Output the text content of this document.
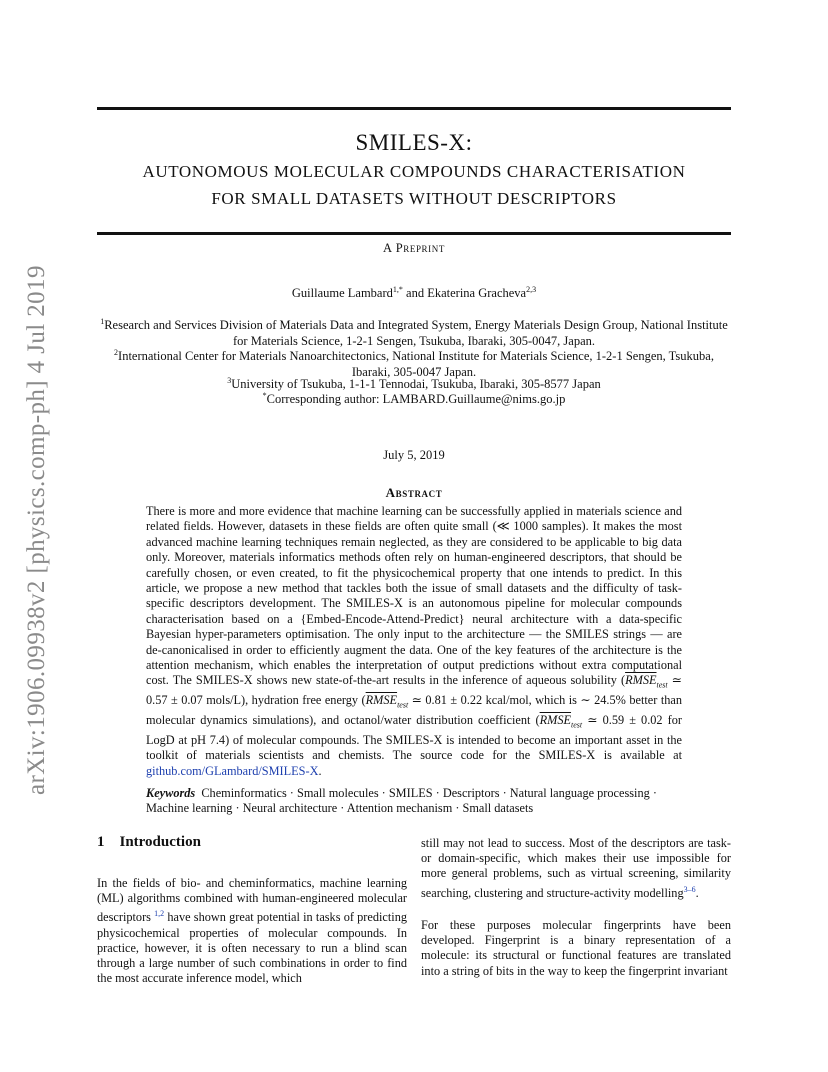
arXiv:1906.09938v2 [physics.comp-ph] 4 Jul 2019
SMILES-X:
AUTONOMOUS MOLECULAR COMPOUNDS CHARACTERISATION
FOR SMALL DATASETS WITHOUT DESCRIPTORS
A Preprint
Guillaume Lambard$^{1,*}$ and Ekaterina Gracheva$^{2,3}$
$^1$Research and Services Division of Materials Data and Integrated System, Energy Materials Design Group, National Institute for Materials Science, 1-2-1 Sengen, Tsukuba, Ibaraki, 305-0047, Japan.
$^2$International Center for Materials Nanoarchitectonics, National Institute for Materials Science, 1-2-1 Sengen, Tsukuba, Ibaraki, 305-0047 Japan.
$^3$University of Tsukuba, 1-1-1 Tennodai, Tsukuba, Ibaraki, 305-8577 Japan
*Corresponding author: LAMBARD.Guillaume@nims.go.jp
July 5, 2019
Abstract
There is more and more evidence that machine learning can be successfully applied in materials science and related fields. However, datasets in these fields are often quite small (≪ 1000 samples). It makes the most advanced machine learning techniques remain neglected, as they are considered to be applicable to big data only. Moreover, materials informatics methods often rely on human-engineered descriptors, that should be carefully chosen, or even created, to fit the physicochemical property that one intends to predict. In this article, we propose a new method that tackles both the issue of small datasets and the difficulty of task-specific descriptors development. The SMILES-X is an autonomous pipeline for molecular compounds characterisation based on a {Embed-Encode-Attend-Predict} neural architecture with a data-specific Bayesian hyper-parameters optimisation. The only input to the architecture — the SMILES strings — are de-canonicalised in order to efficiently augment the data. One of the key features of the architecture is the attention mechanism, which enables the interpretation of output predictions without extra computational cost. The SMILES-X shows new state-of-the-art results in the inference of aqueous solubility ($RMSE_{test}$ ≃ 0.57 ± 0.07 mols/L), hydration free energy ($RMSE_{test}$ ≃ 0.81 ± 0.22 kcal/mol, which is ∼ 24.5% better than molecular dynamics simulations), and octanol/water distribution coefficient ($RMSE_{test}$ ≃ 0.59 ± 0.02 for LogD at pH 7.4) of molecular compounds. The SMILES-X is intended to become an important asset in the toolkit of materials scientists and chemists. The source code for the SMILES-X is available at github.com/GLambard/SMILES-X.
Keywords Cheminformatics · Small molecules · SMILES · Descriptors · Natural language processing · Machine learning · Neural architecture · Attention mechanism · Small datasets
1 Introduction
In the fields of bio- and cheminformatics, machine learning (ML) algorithms combined with human-engineered molecular descriptors $^{1,2}$ have shown great potential in tasks of predicting physicochemical properties of molecular compounds. In practice, however, it is often necessary to run a blind scan through a large number of such combinations in order to find the most accurate inference model, which
still may not lead to success. Most of the descriptors are task- or domain-specific, which makes their use impossible for more general problems, such as virtual screening, similarity searching, clustering and structure-activity modelling$^{3-6}$.
For these purposes molecular fingerprints have been developed. Fingerprint is a binary representation of a molecule: its structural or functional features are translated into a string of bits in the way to keep the fingerprint invariant
